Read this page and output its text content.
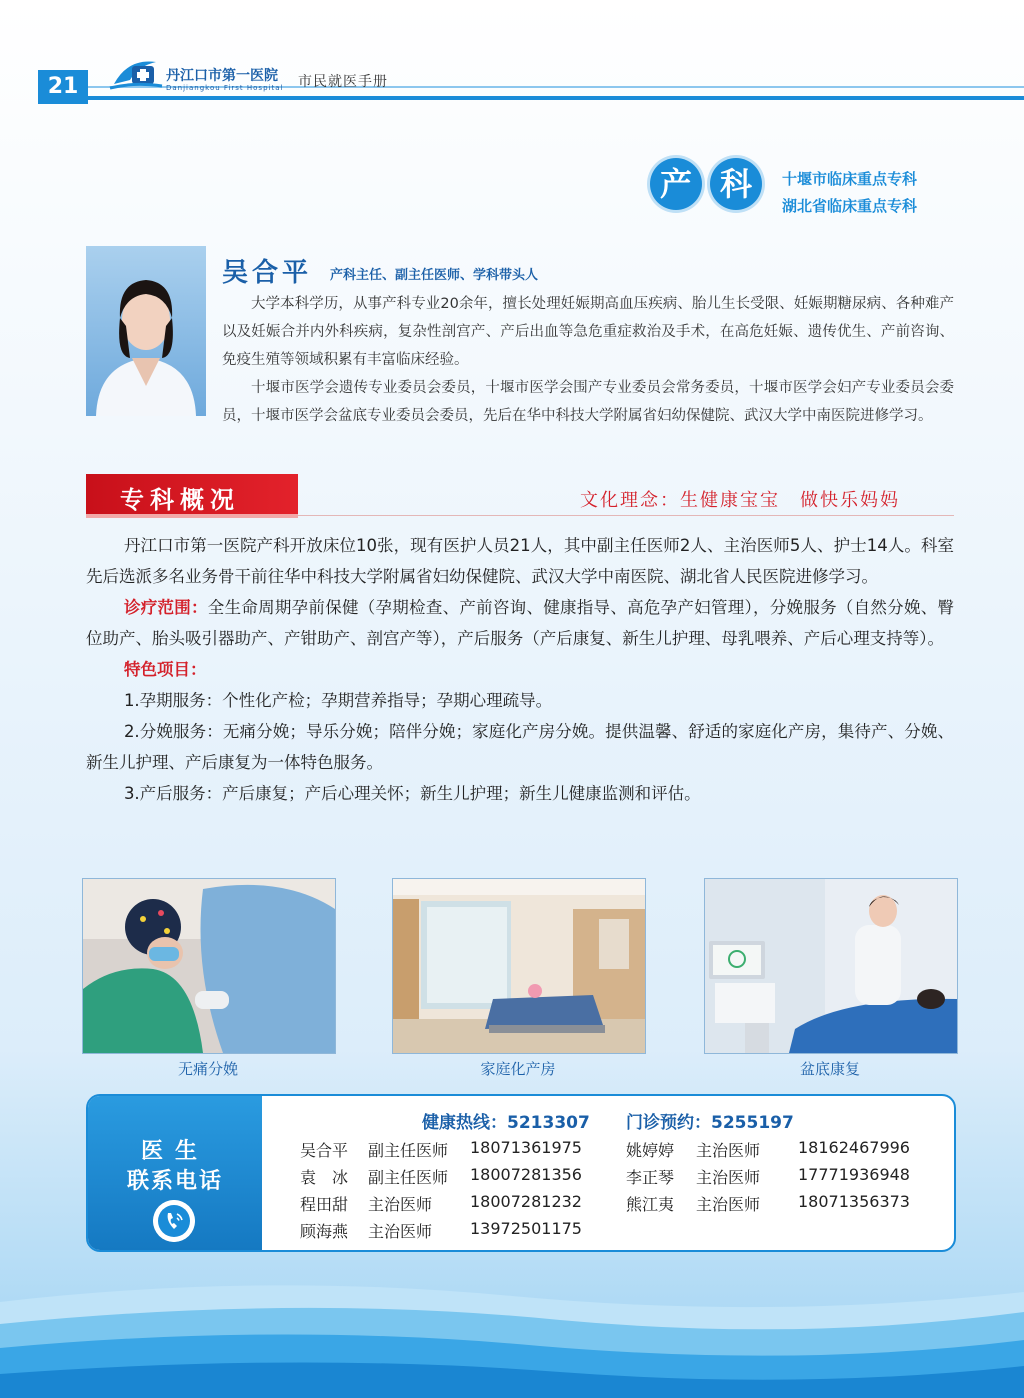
21	丹江口市第一医院
Danjiangkou First Hospital 市民就医手册
产 科	十堰市临床重点专科
湖北省临床重点专科
吴合平 产科主任、副主任医师、学科带头人

大学本科学历，从事产科专业20余年，擅长处理妊娠期高血压疾病、胎儿生长受限、妊娠期糖尿病、各种难产以及妊娠合并内外科疾病，复杂性剖宫产、产后出血等急危重症救治及手术，在高危妊娠、遗传优生、产前咨询、免疫生殖等领域积累有丰富临床经验。

十堰市医学会遗传专业委员会委员，十堰市医学会围产专业委员会常务委员，十堰市医学会妇产专业委员会委员，十堰市医学会盆底专业委员会委员，先后在华中科技大学附属省妇幼保健院、武汉大学中南医院进修学习。

专科概况	文化理念：生健康宝宝　做快乐妈妈

丹江口市第一医院产科开放床位10张，现有医护人员21人，其中副主任医师2人、主治医师5人、护士14人。科室先后选派多名业务骨干前往华中科技大学附属省妇幼保健院、武汉大学中南医院、湖北省人民医院进修学习。

诊疗范围：全生命周期孕前保健（孕期检查、产前咨询、健康指导、高危孕产妇管理），分娩服务（自然分娩、臀位助产、胎头吸引器助产、产钳助产、剖宫产等），产后服务（产后康复、新生儿护理、母乳喂养、产后心理支持等）。

特色项目：

1.孕期服务：个性化产检；孕期营养指导；孕期心理疏导。

2.分娩服务：无痛分娩；导乐分娩；陪伴分娩；家庭化产房分娩。提供温馨、舒适的家庭化产房，集待产、分娩、新生儿护理、产后康复为一体特色服务。

3.产后服务：产后康复；产后心理关怀；新生儿护理；新生儿健康监测和评估。

无痛分娩	家庭化产房	盆底康复
医生
联系电话
健康热线：5213307 门诊预约：5255197
吴合平 副主任医师 18071361975
袁　冰 副主任医师 18007281356
程田甜 主治医师 18007281232
顾海燕 主治医师 13972501175
姚婷婷 主治医师 18162467996
李正琴 主治医师 17771936948
熊江夷 主治医师 18071356373
